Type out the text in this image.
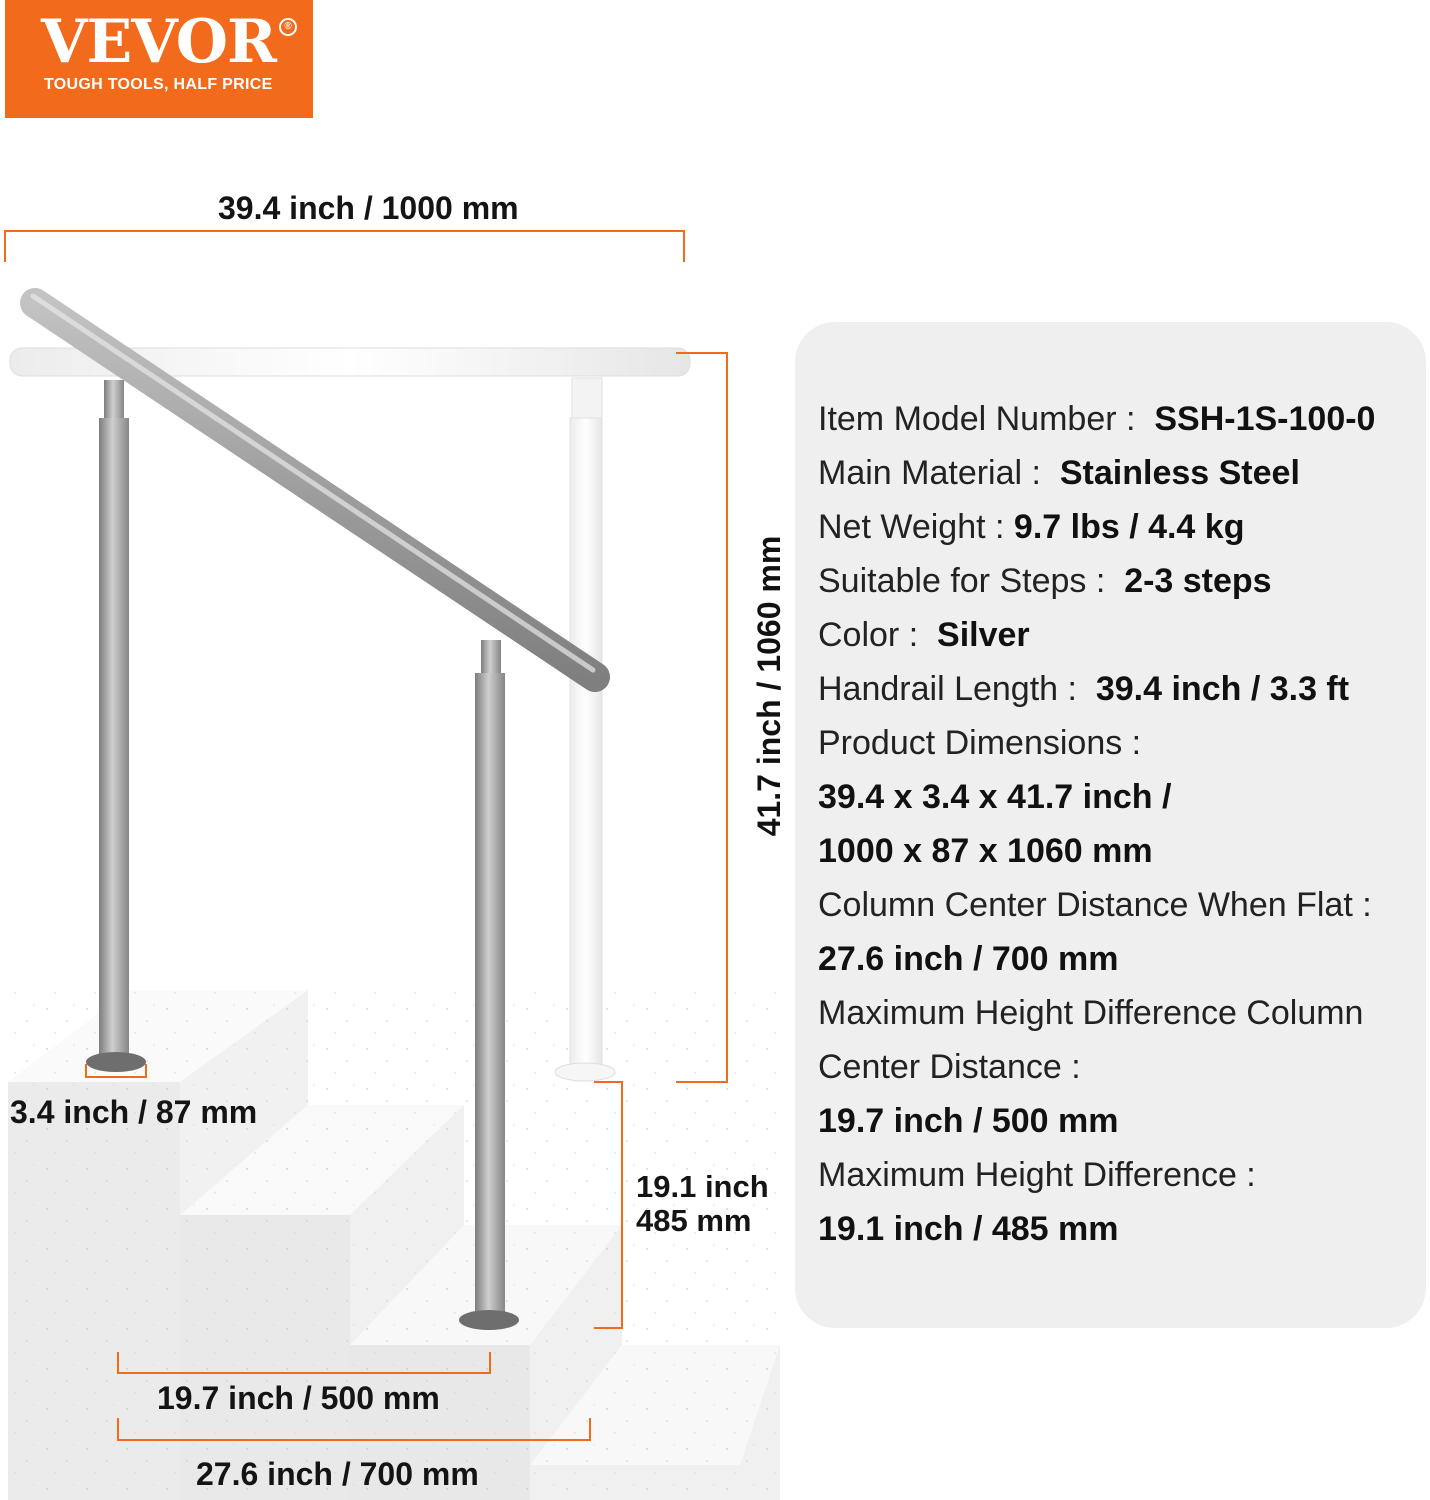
VEVOR ®
TOUGH TOOLS, HALF PRICE
39.4 inch / 1000 mm
41.7 inch / 1060 mm
3.4 inch / 87 mm
19.1 inch
485 mm
19.7 inch / 500 mm
27.6 inch / 700 mm
Item Model Number : SSH-1S-100-0
Main Material : Stainless Steel
Net Weight : 9.7 lbs / 4.4 kg
Suitable for Steps : 2-3 steps
Color : Silver
Handrail Length : 39.4 inch / 3.3 ft
Product Dimensions :
39.4 x 3.4 x 41.7 inch /
1000 x 87 x 1060 mm
Column Center Distance When Flat :
27.6 inch / 700 mm
Maximum Height Difference Column
Center Distance :
19.7 inch / 500 mm
Maximum Height Difference :
19.1 inch / 485 mm
